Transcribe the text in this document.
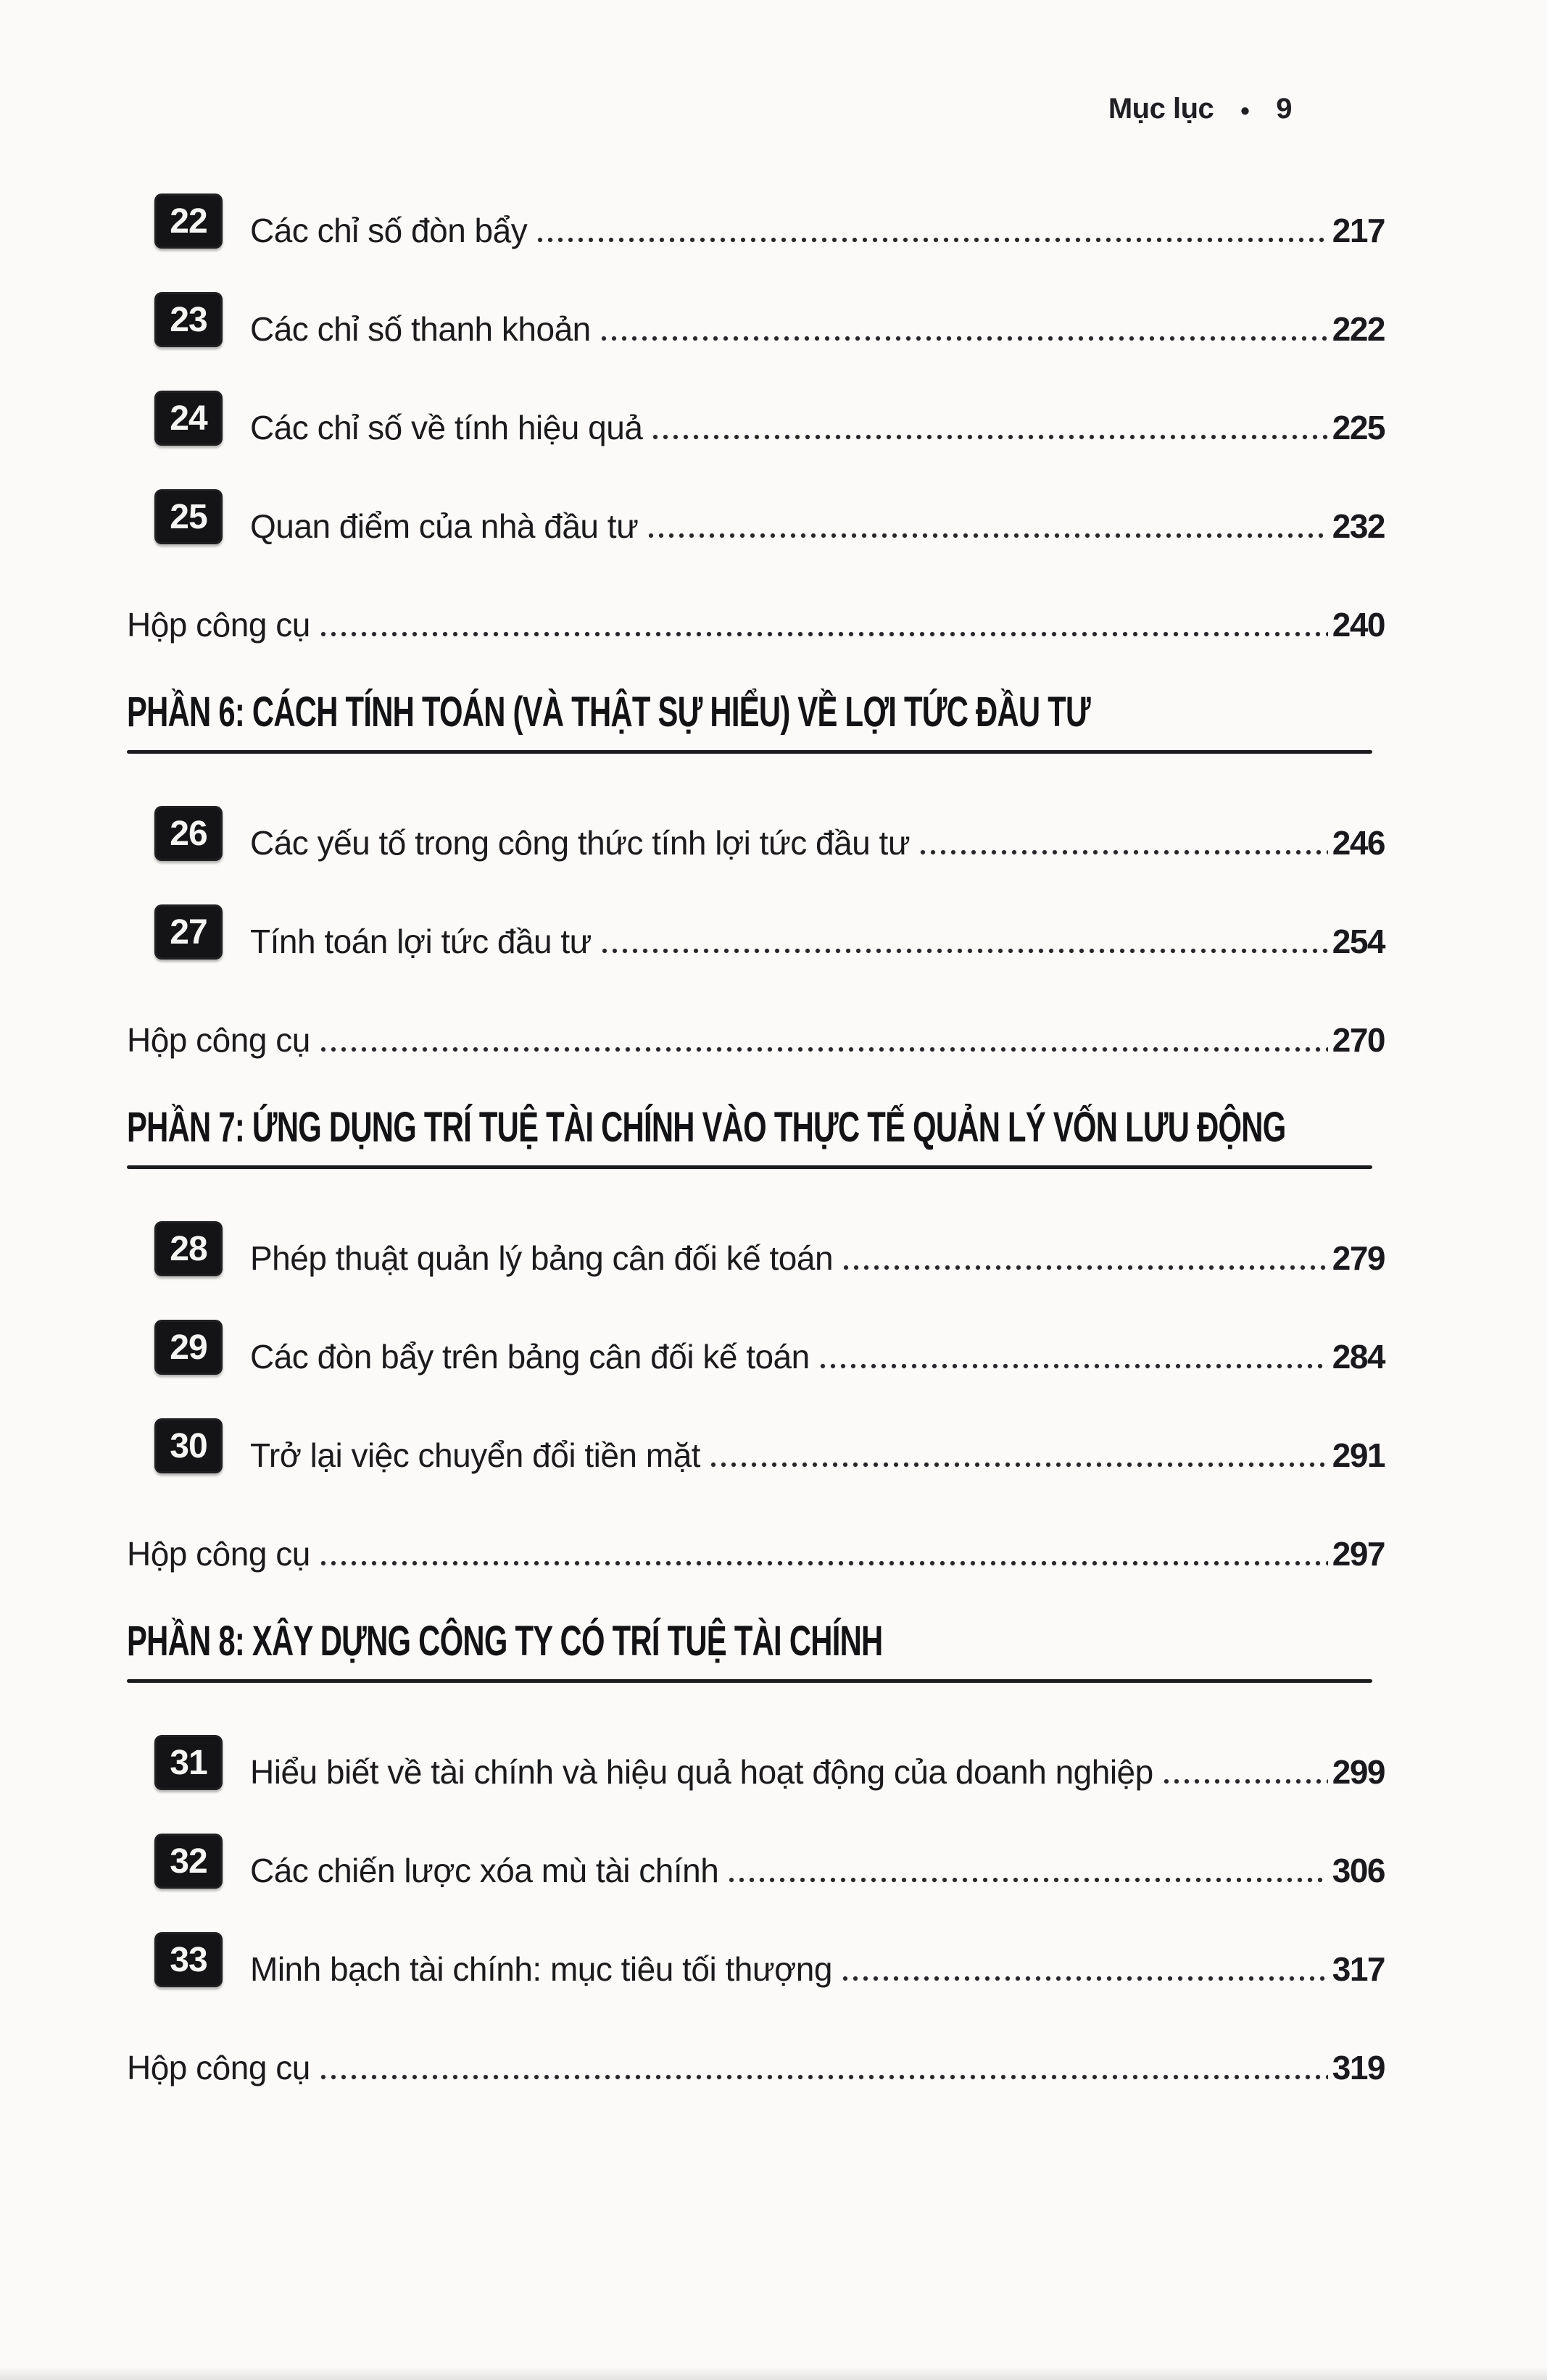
Mục lục ● 9
22	Các chỉ số đòn bẩy	217
23	Các chỉ số thanh khoản	222
24	Các chỉ số về tính hiệu quả	225
25	Quan điểm của nhà đầu tư	232
Hộp công cụ	240
PHẦN 6: CÁCH TÍNH TOÁN (VÀ THẬT SỰ HIỂU) VỀ LỢI TỨC ĐẦU TƯ
26	Các yếu tố trong công thức tính lợi tức đầu tư	246
27	Tính toán lợi tức đầu tư	254
Hộp công cụ	270
PHẦN 7: ỨNG DỤNG TRÍ TUỆ TÀI CHÍNH VÀO THỰC TẾ QUẢN LÝ VỐN LƯU ĐỘNG
28	Phép thuật quản lý bảng cân đối kế toán	279
29	Các đòn bẩy trên bảng cân đối kế toán	284
30	Trở lại việc chuyển đổi tiền mặt	291
Hộp công cụ	297
PHẦN 8: XÂY DỰNG CÔNG TY CÓ TRÍ TUỆ TÀI CHÍNH
31	Hiểu biết về tài chính và hiệu quả hoạt động của doanh nghiệp	299
32	Các chiến lược xóa mù tài chính	306
33	Minh bạch tài chính: mục tiêu tối thượng	317
Hộp công cụ	319
